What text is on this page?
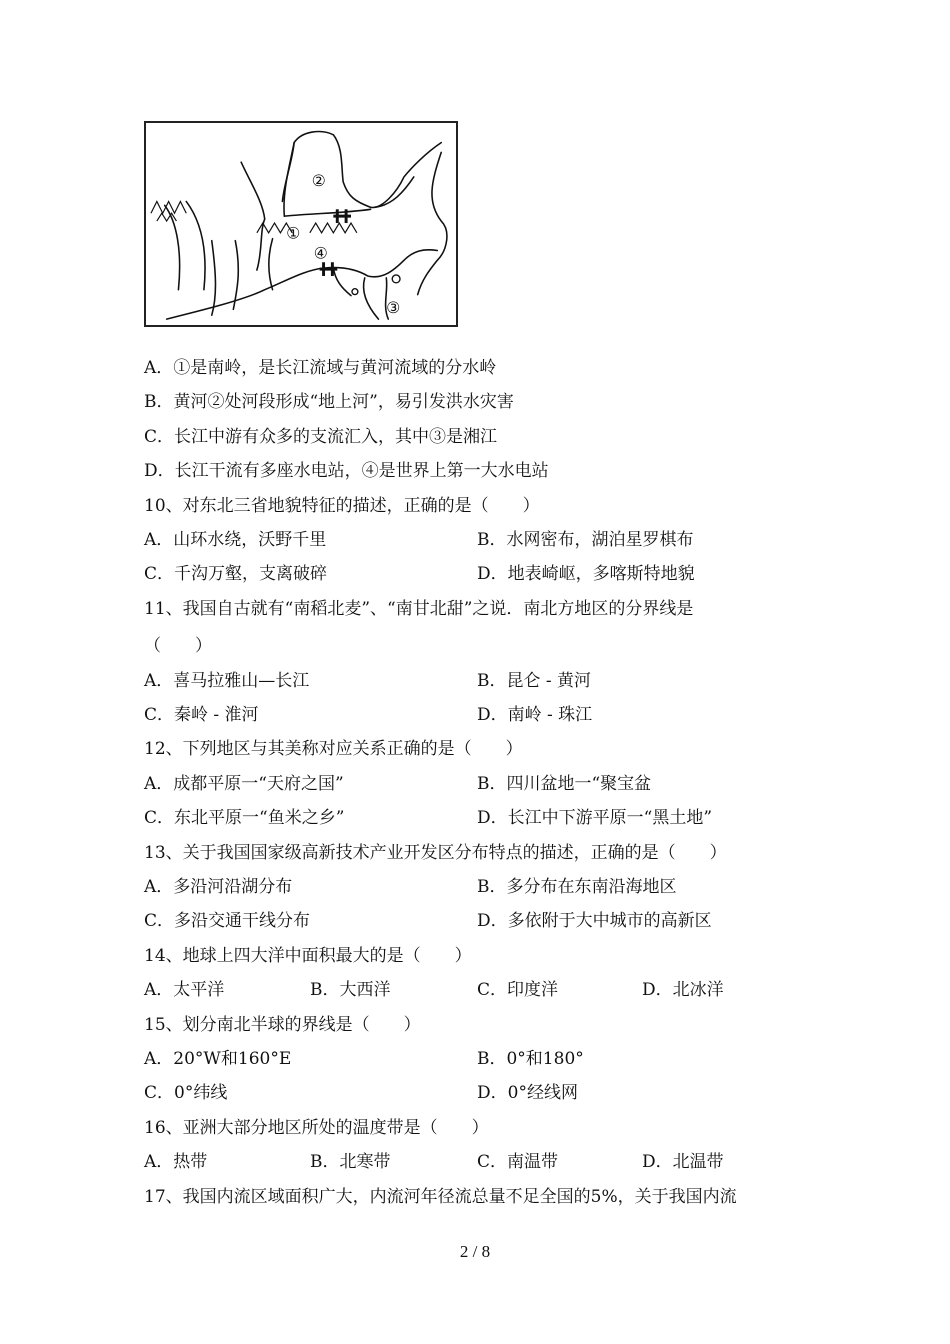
②
①
④
③
A．①是南岭，是长江流域与黄河流域的分水岭
B．黄河②处河段形成“地上河”，易引发洪水灾害
C．长江中游有众多的支流汇入，其中③是湘江
D．长江干流有多座水电站，④是世界上第一大水电站
10、对东北三省地貌特征的描述，正确的是（　　）
A．山环水绕，沃野千里	B．水网密布，湖泊星罗棋布
C．千沟万壑，支离破碎	D．地表崎岖，多喀斯特地貌
11、我国自古就有“南稻北麦”、“南甘北甜”之说．南北方地区的分界线是
（　　）
A．喜马拉雅山—长江	B．昆仑 - 黄河
C．秦岭 - 淮河	D．南岭 - 珠江
12、下列地区与其美称对应关系正确的是（　　）
A．成都平原一“天府之国”	B．四川盆地一“聚宝盆
C．东北平原一“鱼米之乡”	D．长江中下游平原一“黑土地”
13、关于我国国家级高新技术产业开发区分布特点的描述，正确的是（　　）
A．多沿河沿湖分布	B．多分布在东南沿海地区
C．多沿交通干线分布	D．多依附于大中城市的高新区
14、地球上四大洋中面积最大的是（　　）
A．太平洋	B．大西洋	C．印度洋	D．北冰洋
15、划分南北半球的界线是（　　）
A．20°W和160°E	B．0°和180°
C．0°纬线	D．0°经线网
16、亚洲大部分地区所处的温度带是（　　）
A．热带	B．北寒带	C．南温带	D．北温带
17、我国内流区域面积广大，内流河年径流总量不足全国的5%，关于我国内流
2 / 8
